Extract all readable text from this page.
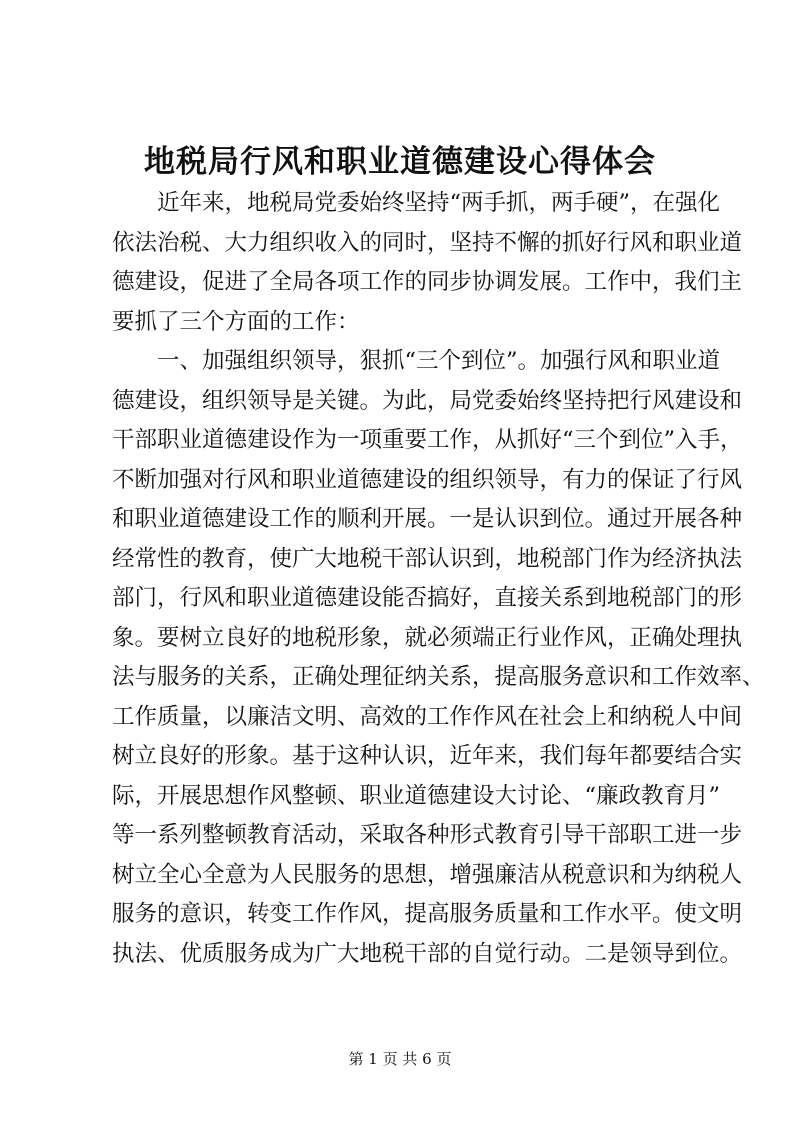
地税局行风和职业道德建设心得体会
近年来，地税局党委始终坚持“两手抓，两手硬”，在强化
依法治税、大力组织收入的同时，坚持不懈的抓好行风和职业道
德建设，促进了全局各项工作的同步协调发展。工作中，我们主
要抓了三个方面的工作：
一、加强组织领导，狠抓“三个到位”。加强行风和职业道
德建设，组织领导是关键。为此，局党委始终坚持把行风建设和
干部职业道德建设作为一项重要工作，从抓好“三个到位”入手，
不断加强对行风和职业道德建设的组织领导，有力的保证了行风
和职业道德建设工作的顺利开展。一是认识到位。通过开展各种
经常性的教育，使广大地税干部认识到，地税部门作为经济执法
部门，行风和职业道德建设能否搞好，直接关系到地税部门的形
象。要树立良好的地税形象，就必须端正行业作风，正确处理执
法与服务的关系，正确处理征纳关系，提高服务意识和工作效率、
工作质量，以廉洁文明、高效的工作作风在社会上和纳税人中间
树立良好的形象。基于这种认识，近年来，我们每年都要结合实
际，开展思想作风整顿、职业道德建设大讨论、“廉政教育月”
等一系列整顿教育活动，采取各种形式教育引导干部职工进一步
树立全心全意为人民服务的思想，增强廉洁从税意识和为纳税人
服务的意识，转变工作作风，提高服务质量和工作水平。使文明
执法、优质服务成为广大地税干部的自觉行动。二是领导到位。
第 1 页 共 6 页
